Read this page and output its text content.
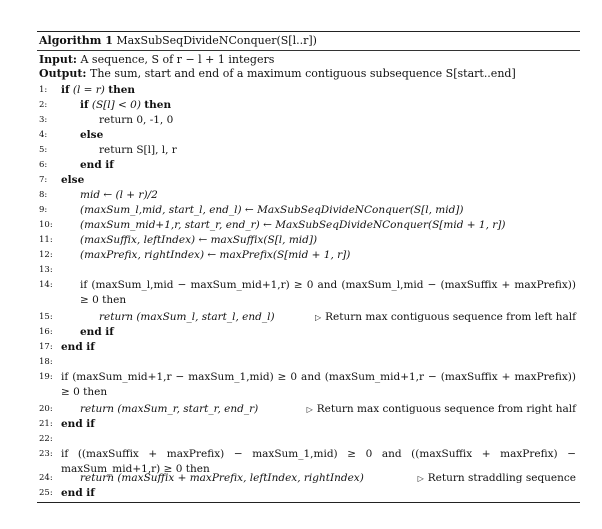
Algorithm 1 MaxSubSeqDivideNConquer(S[l..r])
Input: A sequence, S of r − l + 1 integers
Output: The sum, start and end of a maximum contiguous subsequence S[start..end]
1:	if (l = r) then
2:	if (S[l] < 0) then
3:	return 0, -1, 0
4:	else
5:	return S[l], l, r
6:	end if
7:	else
8:	mid ← (l + r)/2
9:	(maxSum_l,mid, start_l, end_l) ← MaxSubSeqDivideNConquer(S[l, mid])
10:	(maxSum_mid+1,r, start_r, end_r) ← MaxSubSeqDivideNConquer(S[mid + 1, r])
11:	(maxSuffix, leftIndex) ← maxSuffix(S[l, mid])
12:	(maxPrefix, rightIndex) ← maxPrefix(S[mid + 1, r])
13:
14:	if (maxSum_l,mid − maxSum_mid+1,r) ≥ 0 and (maxSum_l,mid − (maxSuffix + maxPrefix)) ≥ 0 then
15:	return (maxSum_l, start_l, end_l)	▷ Return max contiguous sequence from left half
16:	end if
17: end if
18:
19: if (maxSum_mid+1,r − maxSum_1,mid) ≥ 0 and (maxSum_mid+1,r − (maxSuffix + maxPrefix)) ≥ 0 then
20:	return (maxSum_r, start_r, end_r)	▷ Return max contiguous sequence from right half
21: end if
22:
23: if ((maxSuffix + maxPrefix) − maxSum_1,mid) ≥ 0 and ((maxSuffix + maxPrefix) − maxSum_mid+1,r) ≥ 0 then
24:	return (maxSuffix + maxPrefix, leftIndex, rightIndex)	▷ Return straddling sequence
25: end if
